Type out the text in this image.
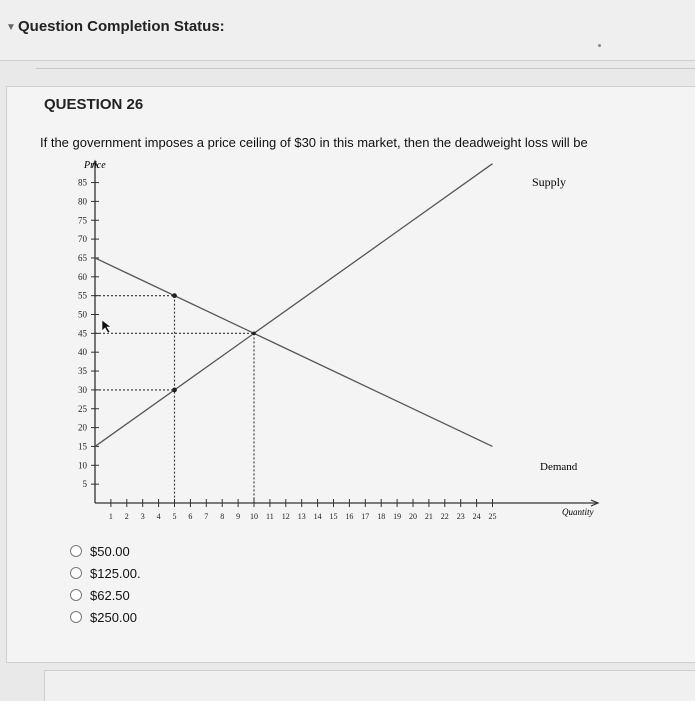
▼ Question Completion Status:
QUESTION 26
If the government imposes a price ceiling of $30 in this market, then the deadweight loss will be
85
80
75
70
65
60
55
50
45
40
35
30
25
20
15
10
5
1 2 3 4 5 6 7 8 9 10 11 12 13 14 15 16 17 18 19 20 21 22 23 24 25
Price
Quantity
Supply
Demand
$50.00
$125.00.
$62.50
$250.00
